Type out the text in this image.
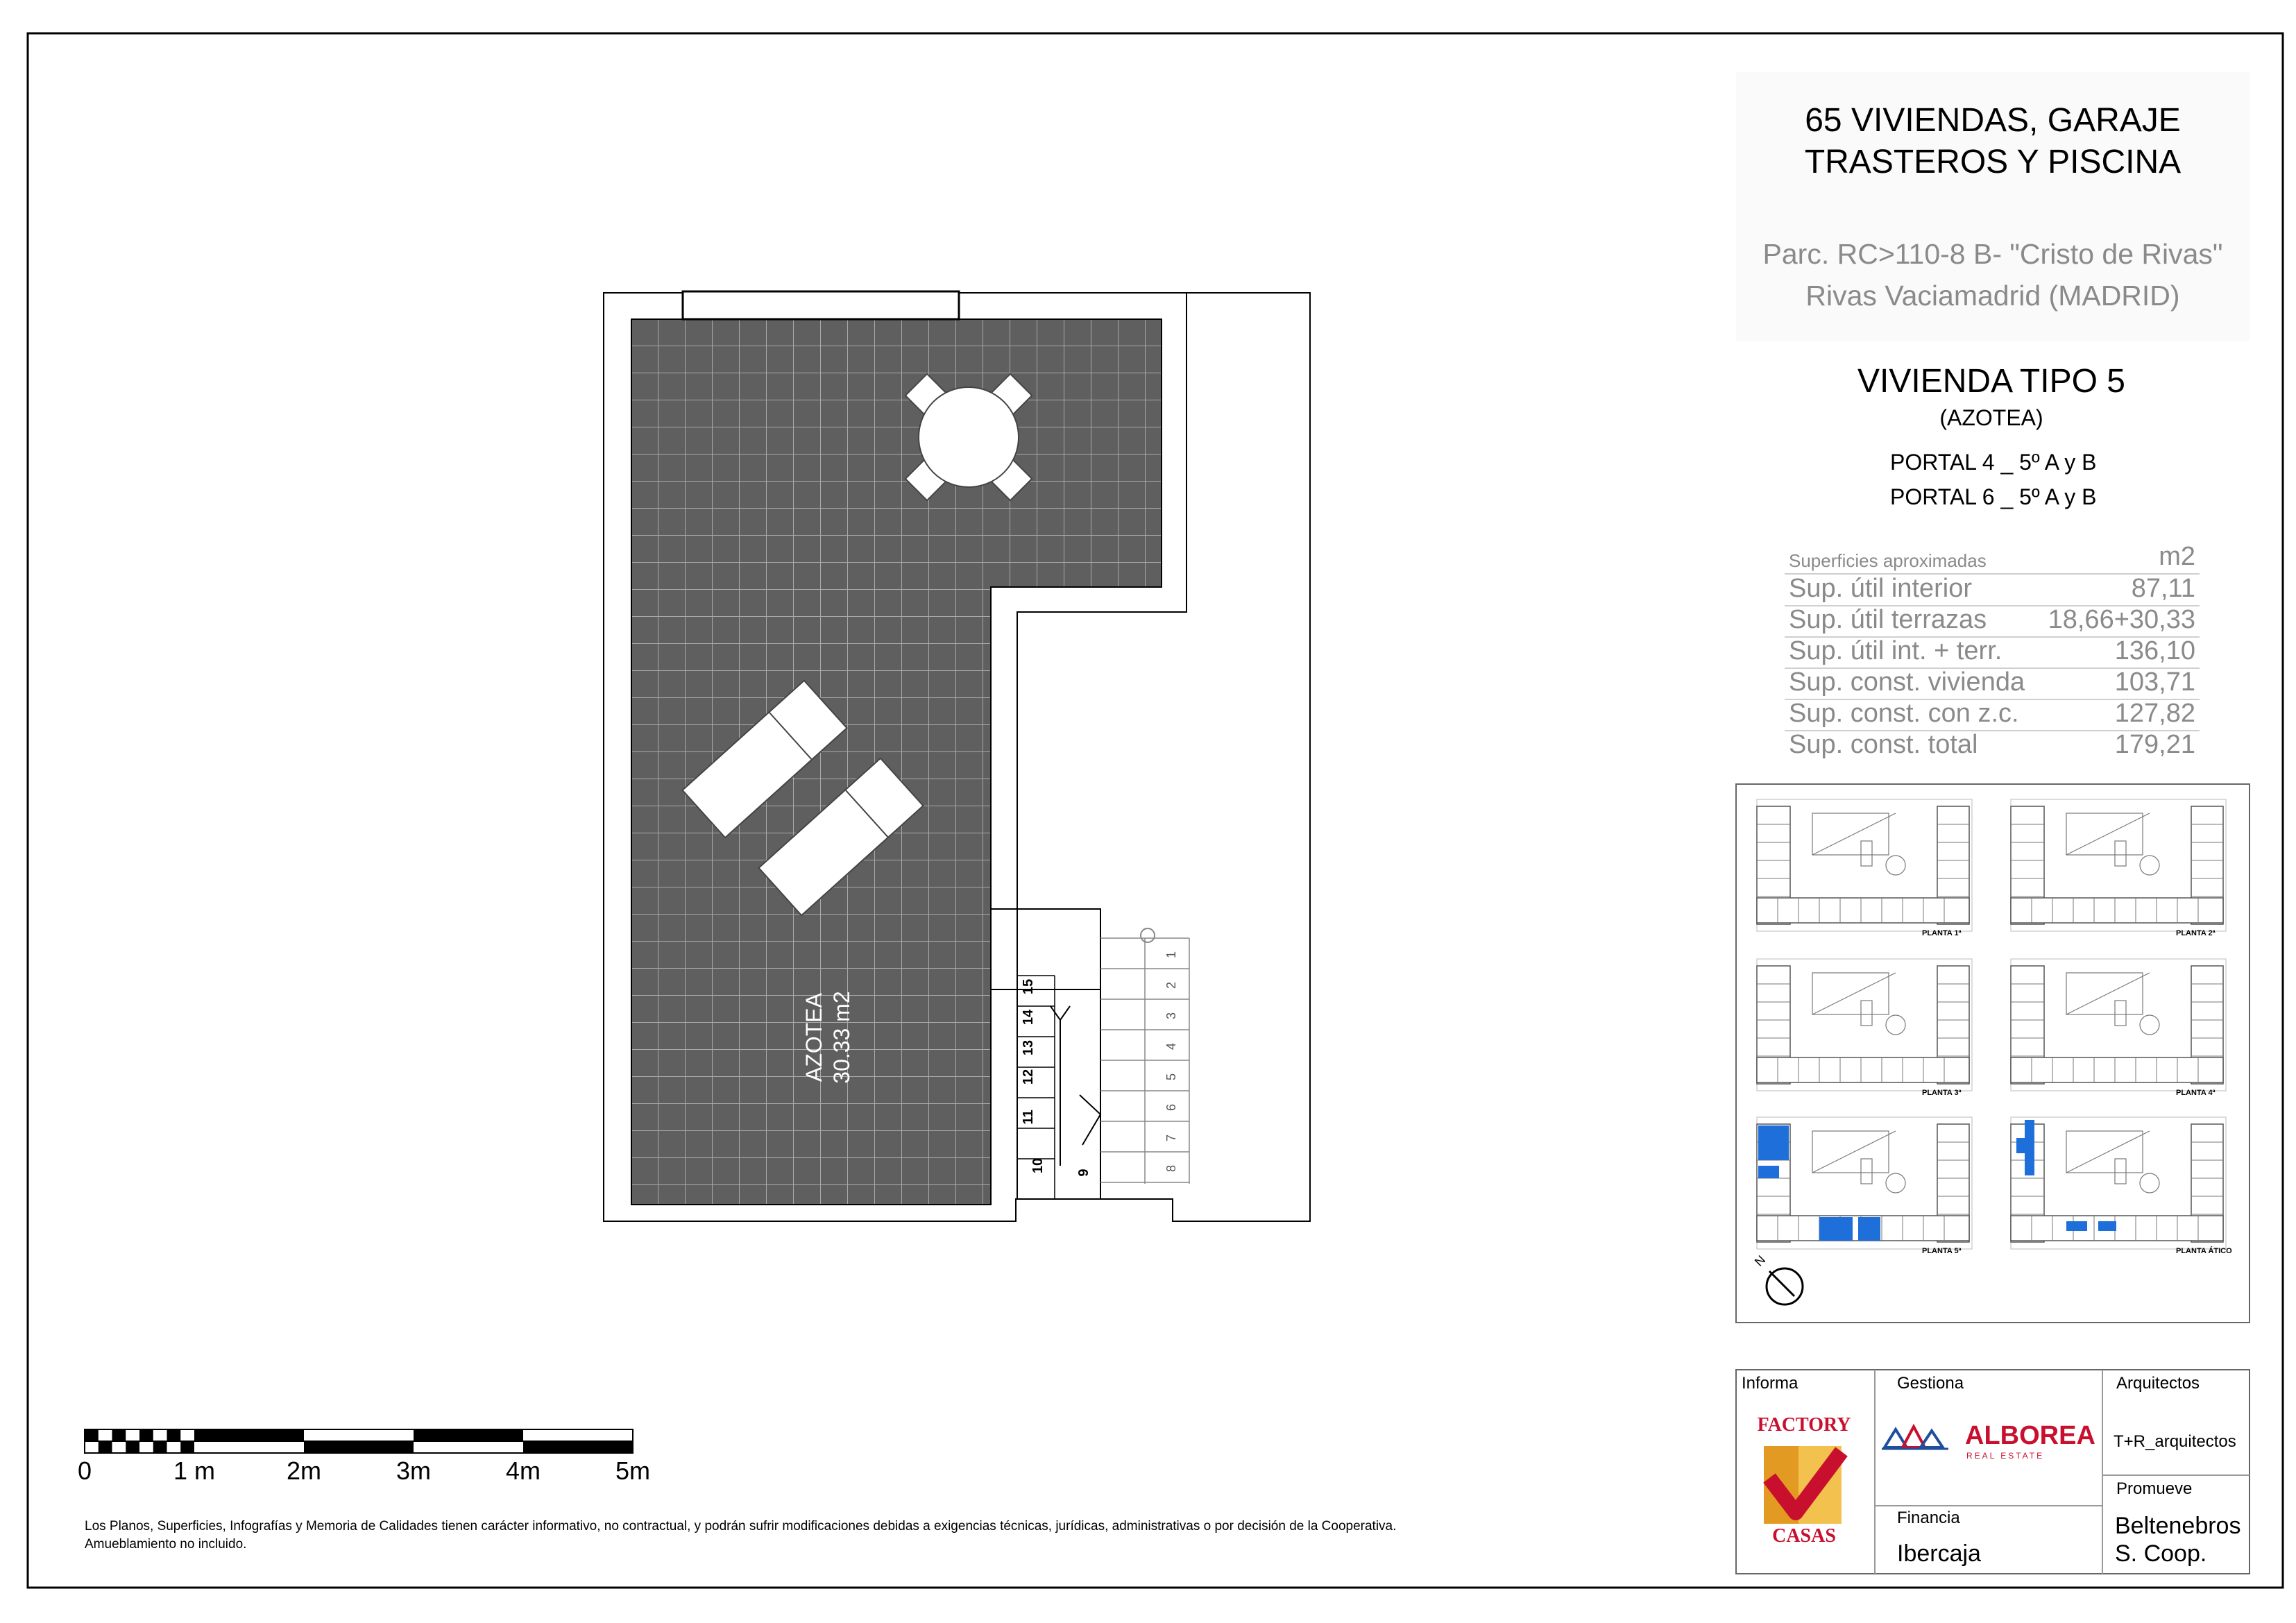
1
2
3
4
5
6
7
8
9
10
11
12
13
14
15
AZOTEA 30.33 m2
0	1 m	2m	3m	4m	5m
Los Planos, Superficies, Infografías y Memoria de Calidades tienen carácter informativo, no contractual, y podrán sufrir modificaciones debidas a exigencias técnicas, jurídicas, administrativas o por decisión de la Cooperativa.
Amueblamiento no incluido.
65 VIVIENDAS, GARAJE
TRASTEROS Y PISCINA
Parc. RC>110-8 B- "Cristo de Rivas"
Rivas Vaciamadrid (MADRID)
VIVIENDA TIPO 5
(AZOTEA)
PORTAL 4 _ 5º A y B
PORTAL 6 _ 5º A y B
Superficies aproximadas	m2
Sup. útil interior	87,11
Sup. útil terrazas 18,66+30,33
Sup. útil int. + terr.	136,10
Sup. const. vivienda	103,71
Sup. const. con z.c.	127,82
Sup. const. total	179,21
N
PLANTA 1ª	PLANTA 2ª
PLANTA 3ª	PLANTA 4ª
PLANTA 5ª	PLANTA ÁTICO
Informa
FACTORY
CASAS
Gestiona
ALBOREA
REAL ESTATE
Financia
Ibercaja
Arquitectos
T+R_arquitectos
Promueve
Beltenebros
S. Coop.
